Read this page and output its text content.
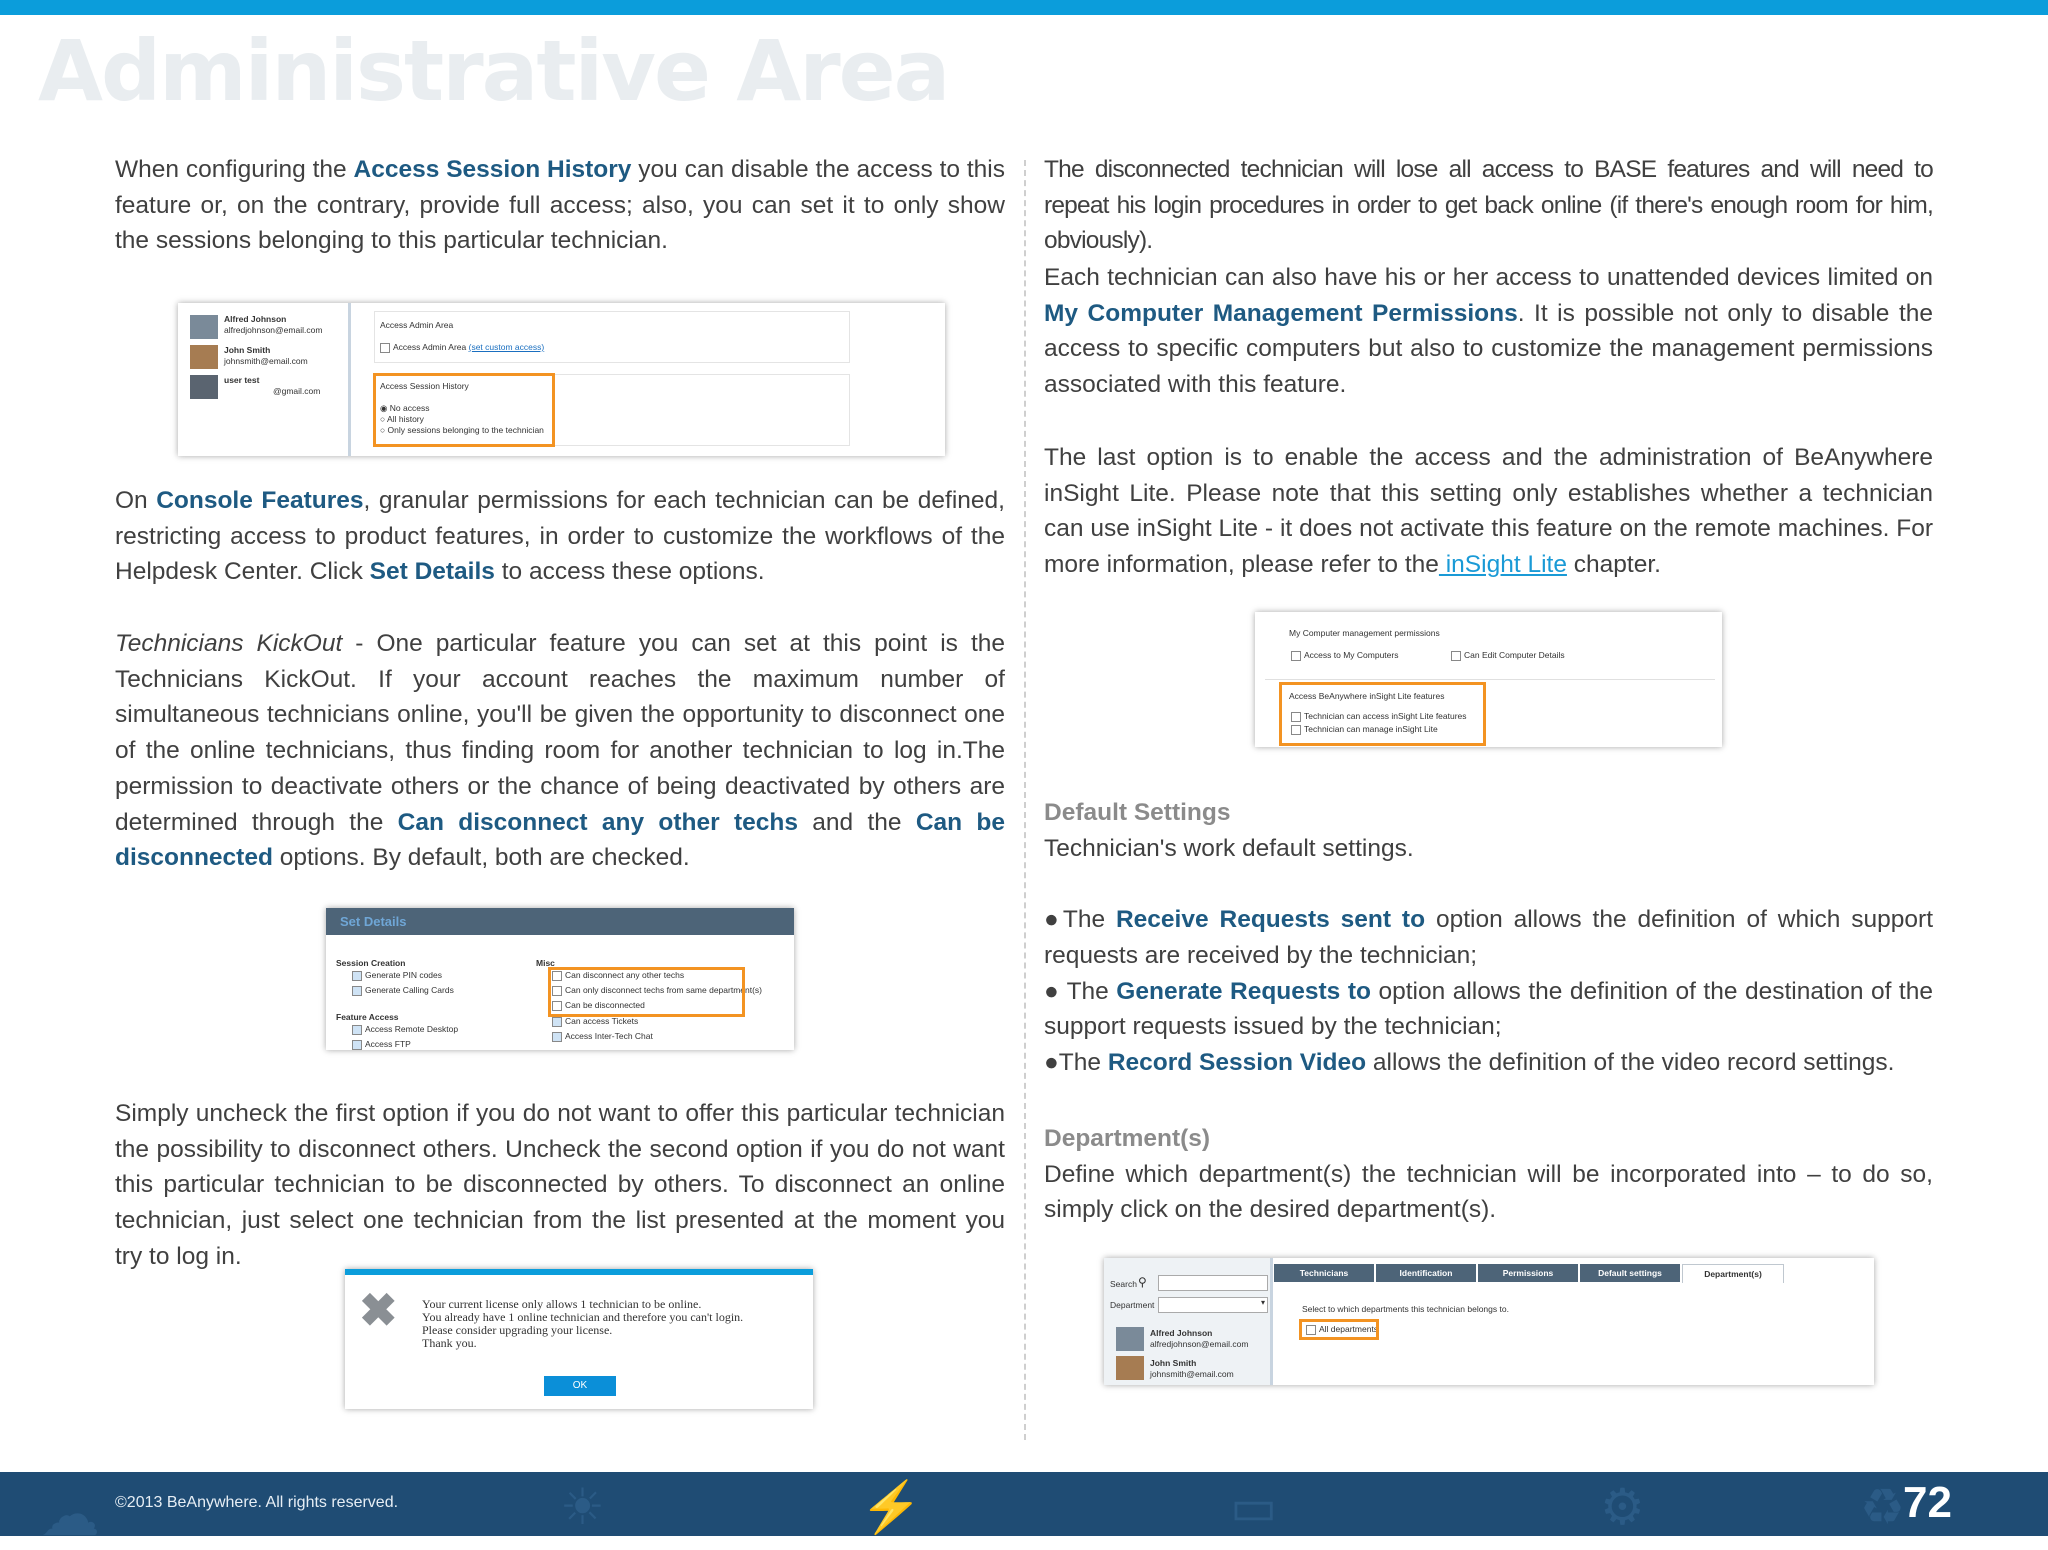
Administrative Area

When configuring the Access Session History you can disable the access to this feature or, on the contrary, provide full access; also, you can set it to only show the sessions belonging to this particular technician.

Alfred Johnson
alfredjohnson@email.com
John Smith
johnsmith@email.com
user test
@gmail.com
Access Admin Area
Access Admin Area (set custom access)
Access Session History
◉ No access
○ All history
○ Only sessions belonging to the technician

On Console Features, granular permissions for each technician can be defined, restricting access to product features, in order to customize the workflows of the Helpdesk Center. Click Set Details to access these options.

Technicians KickOut - One particular feature you can set at this point is the Technicians KickOut. If your account reaches the maximum number of simultaneous technicians online, you'll be given the opportunity to disconnect one of the online technicians, thus finding room for another technician to log in.The permission to deactivate others or the chance of being deactivated by others are determined through the Can disconnect any other techs and the Can be disconnected options. By default, both are checked.

Set Details
Session Creation
Generate PIN codes
Generate Calling Cards
Feature Access
Access Remote Desktop
Access FTP
Misc
Can disconnect any other techs
Can only disconnect techs from same department(s)
Can be disconnected
Can access Tickets
Access Inter-Tech Chat

Simply uncheck the first option if you do not want to offer this particular technician the possibility to disconnect others. Uncheck the second option if you do not want this particular technician to be disconnected by others. To disconnect an online technician, just select one technician from the list presented at the moment you try to log in.

✖ Your current license only allows 1 technician to be online.
You already have 1 online technician and therefore you can't login.
Please consider upgrading your license.
Thank you.
OK

The disconnected technician will lose all access to BASE features and will need to repeat his login procedures in order to get back online (if there's enough room for him, obviously).

Each technician can also have his or her access to unattended devices limited on My Computer Management Permissions. It is possible not only to disable the access to specific computers but also to customize the management permissions associated with this feature.

The last option is to enable the access and the administration of BeAnywhere inSight Lite. Please note that this setting only establishes whether a technician can use inSight Lite - it does not activate this feature on the remote machines. For more information, please refer to the inSight Lite chapter.

My Computer management permissions
Access to My Computers	Can Edit Computer Details
Access BeAnywhere inSight Lite features
Technician can access inSight Lite features
Technician can manage inSight Lite

Default Settings

Technician's work default settings.

●The Receive Requests sent to option allows the definition of which support requests are received by the technician;

● The Generate Requests to option allows the definition of the destination of the support requests issued by the technician;

●The Record Session Video allows the definition of the video record settings.

Department(s)

Define which department(s) the technician will be incorporated into – to do so, simply click on the desired department(s).

Search ⚲
Department	▾
Alfred Johnson
alfredjohnson@email.com
John Smith
johnsmith@email.com
Technicians	Identification	Permissions	Default settings	Department(s)
Select to which departments this technician belongs to.
All departments
☁	☀	⚡	▭	⚙	♻
©2013 BeAnywhere. All rights reserved.	72
